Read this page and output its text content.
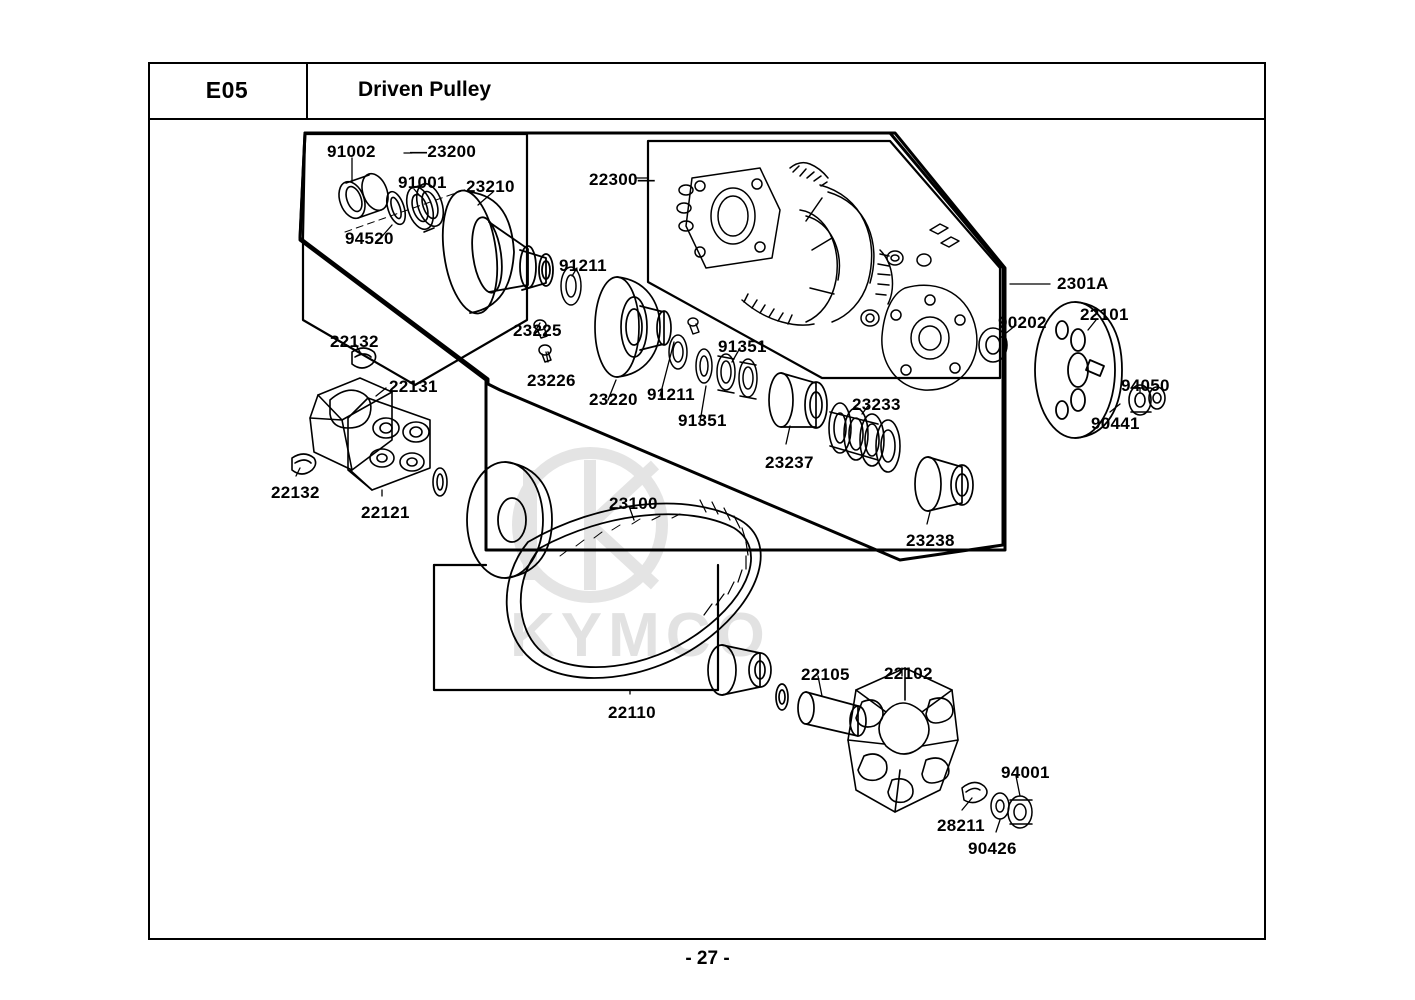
E05	Driven Pulley
KYMCO
91002 —23200
91001 23210
94520
22300—
91211
2301A
22101
90202
23225
22132	91351
23226
23220 91211
22131	94050
23233
91351	90441
23237
22132
22121	23100
23238
22105 22102
22110
94001
28211
90426
- 27 -
